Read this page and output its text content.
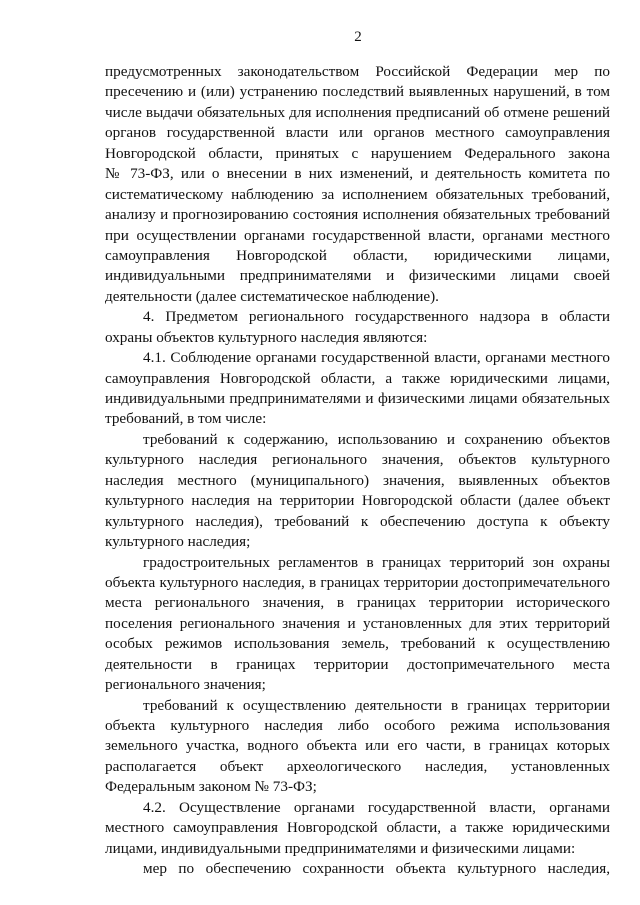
2
предусмотренных законодательством Российской Федерации мер по
пресечению и (или) устранению последствий выявленных нарушений, в том
числе выдачи обязательных для исполнения предписаний об отмене решений
органов государственной власти или органов местного самоуправления
Новгородской области, принятых с нарушением Федерального закона
№ 73-ФЗ, или о внесении в них изменений, и деятельность комитета по
систематическому наблюдению за исполнением обязательных требований,
анализу и прогнозированию состояния исполнения обязательных требований
при осуществлении органами государственной власти, органами местного
самоуправления Новгородской области, юридическими лицами,
индивидуальными предпринимателями и физическими лицами своей
деятельности (далее систематическое наблюдение).
4. Предметом регионального государственного надзора в области
охраны объектов культурного наследия являются:
4.1. Соблюдение органами государственной власти, органами местного
самоуправления Новгородской области, а также юридическими лицами,
индивидуальными предпринимателями и физическими лицами обязательных
требований, в том числе:
требований к содержанию, использованию и сохранению объектов
культурного наследия регионального значения, объектов культурного
наследия местного (муниципального) значения, выявленных объектов
культурного наследия на территории Новгородской области (далее объект
культурного наследия), требований к обеспечению доступа к объекту
культурного наследия;
градостроительных регламентов в границах территорий зон охраны
объекта культурного наследия, в границах территории достопримечательного
места регионального значения, в границах территории исторического
поселения регионального значения и установленных для этих территорий
особых режимов использования земель, требований к осуществлению
деятельности в границах территории достопримечательного места
регионального значения;
требований к осуществлению деятельности в границах территории
объекта культурного наследия либо особого режима использования
земельного участка, водного объекта или его части, в границах которых
располагается объект археологического наследия, установленных
Федеральным законом № 73-ФЗ;
4.2. Осуществление органами государственной власти, органами
местного самоуправления Новгородской области, а также юридическими
лицами, индивидуальными предпринимателями и физическими лицами:
мер по обеспечению сохранности объекта культурного наследия,
